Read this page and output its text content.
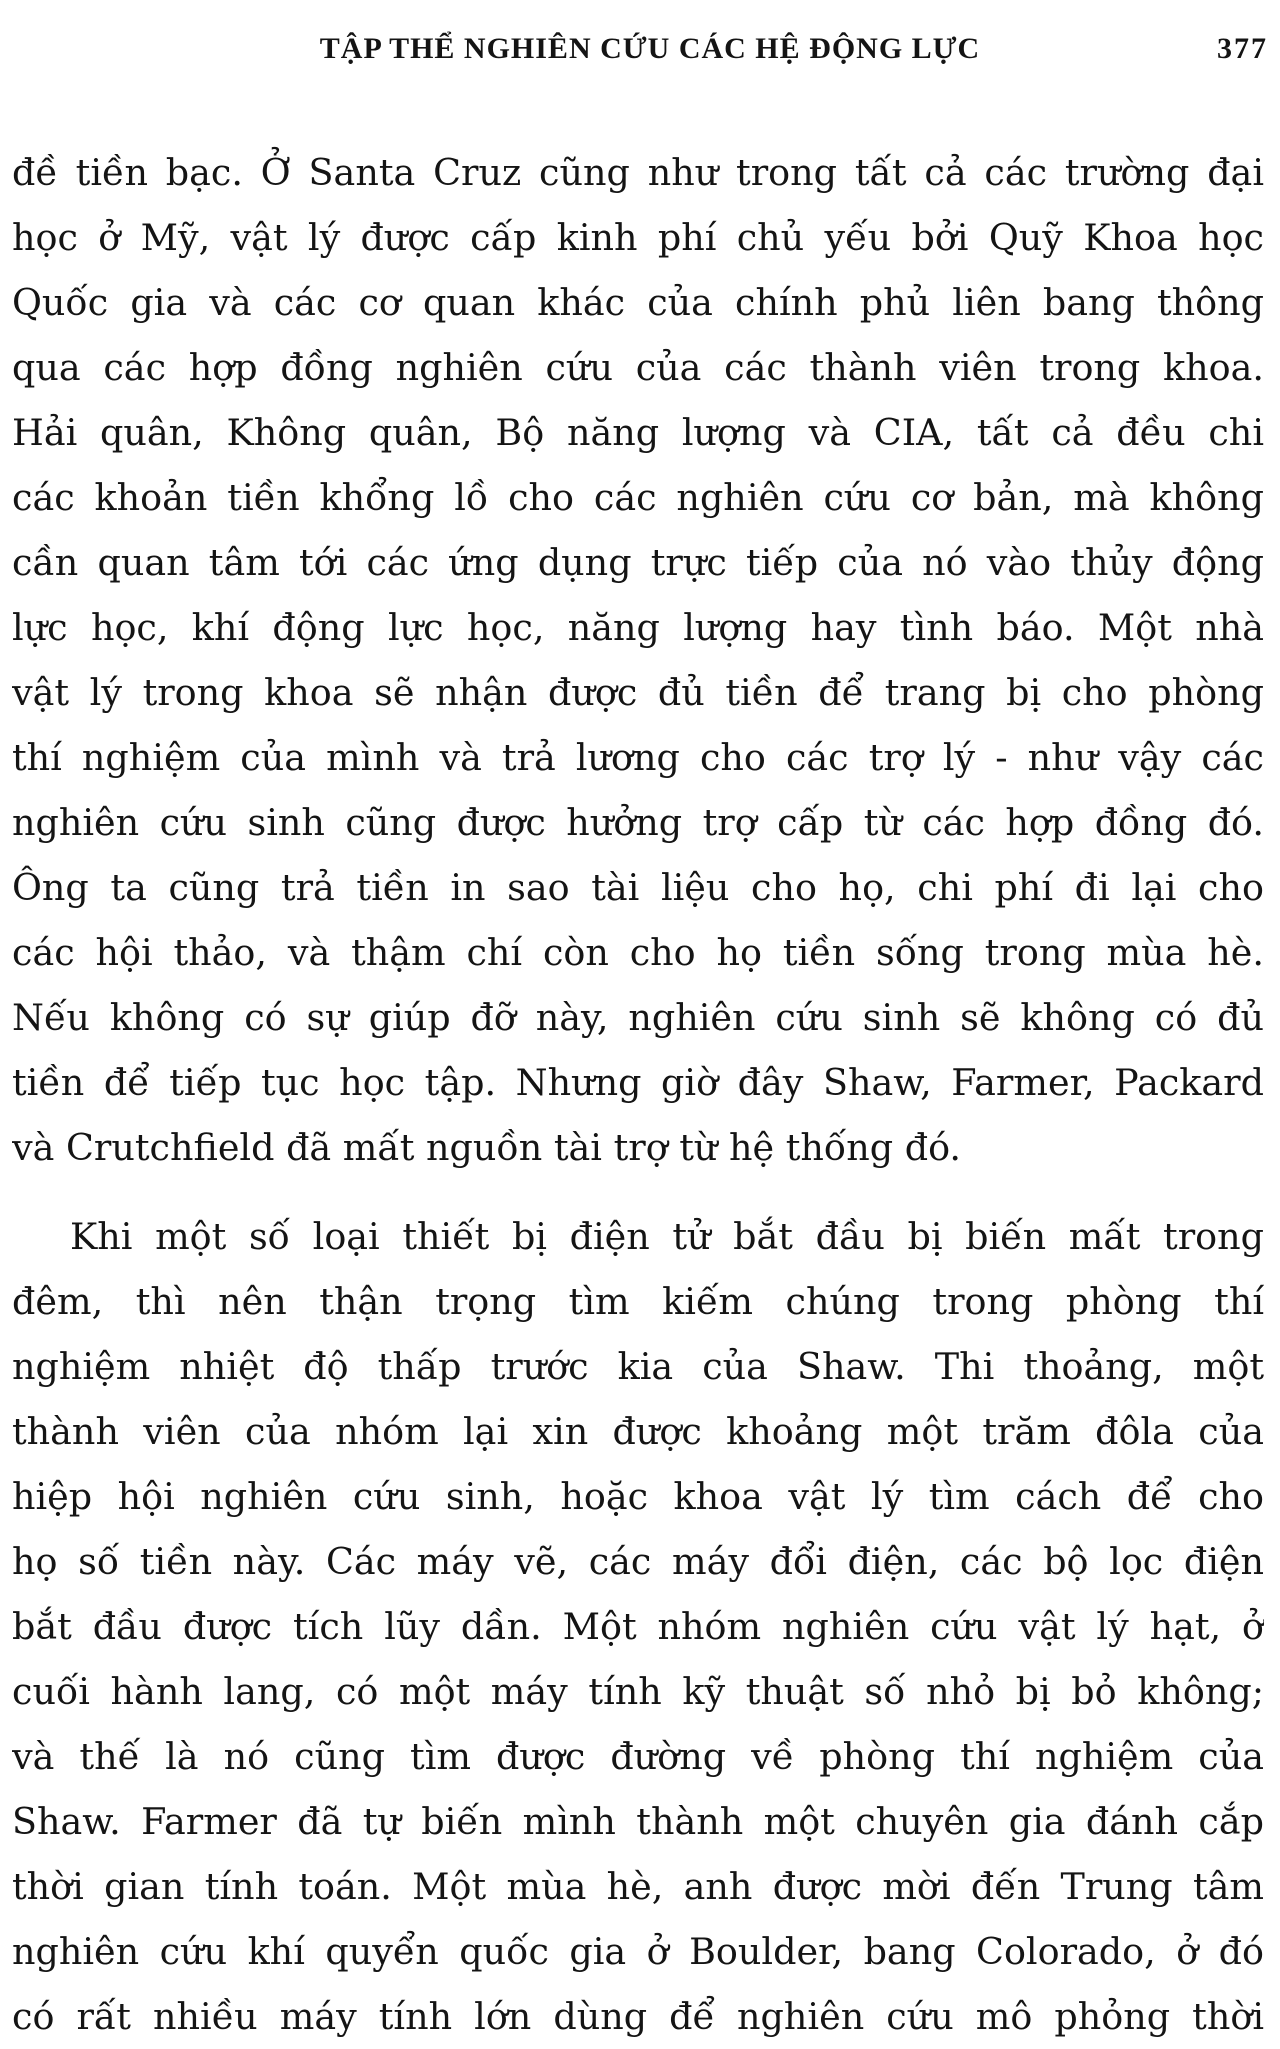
TẬP THỂ NGHIÊN CỨU CÁC HỆ ĐỘNG LỰC	377
đề tiền bạc. Ở Santa Cruz cũng như trong tất cả các trường đại
học ở Mỹ, vật lý được cấp kinh phí chủ yếu bởi Quỹ Khoa học
Quốc gia và các cơ quan khác của chính phủ liên bang thông
qua các hợp đồng nghiên cứu của các thành viên trong khoa.
Hải quân, Không quân, Bộ năng lượng và CIA, tất cả đều chi
các khoản tiền khổng lồ cho các nghiên cứu cơ bản, mà không
cần quan tâm tới các ứng dụng trực tiếp của nó vào thủy động
lực học, khí động lực học, năng lượng hay tình báo. Một nhà
vật lý trong khoa sẽ nhận được đủ tiền để trang bị cho phòng
thí nghiệm của mình và trả lương cho các trợ lý - như vậy các
nghiên cứu sinh cũng được hưởng trợ cấp từ các hợp đồng đó.
Ông ta cũng trả tiền in sao tài liệu cho họ, chi phí đi lại cho
các hội thảo, và thậm chí còn cho họ tiền sống trong mùa hè.
Nếu không có sự giúp đỡ này, nghiên cứu sinh sẽ không có đủ
tiền để tiếp tục học tập. Nhưng giờ đây Shaw, Farmer, Packard
và Crutchfield đã mất nguồn tài trợ từ hệ thống đó.
Khi một số loại thiết bị điện tử bắt đầu bị biến mất trong
đêm, thì nên thận trọng tìm kiếm chúng trong phòng thí
nghiệm nhiệt độ thấp trước kia của Shaw. Thi thoảng, một
thành viên của nhóm lại xin được khoảng một trăm đôla của
hiệp hội nghiên cứu sinh, hoặc khoa vật lý tìm cách để cho
họ số tiền này. Các máy vẽ, các máy đổi điện, các bộ lọc điện
bắt đầu được tích lũy dần. Một nhóm nghiên cứu vật lý hạt, ở
cuối hành lang, có một máy tính kỹ thuật số nhỏ bị bỏ không;
và thế là nó cũng tìm được đường về phòng thí nghiệm của
Shaw. Farmer đã tự biến mình thành một chuyên gia đánh cắp
thời gian tính toán. Một mùa hè, anh được mời đến Trung tâm
nghiên cứu khí quyển quốc gia ở Boulder, bang Colorado, ở đó
có rất nhiều máy tính lớn dùng để nghiên cứu mô phỏng thời
